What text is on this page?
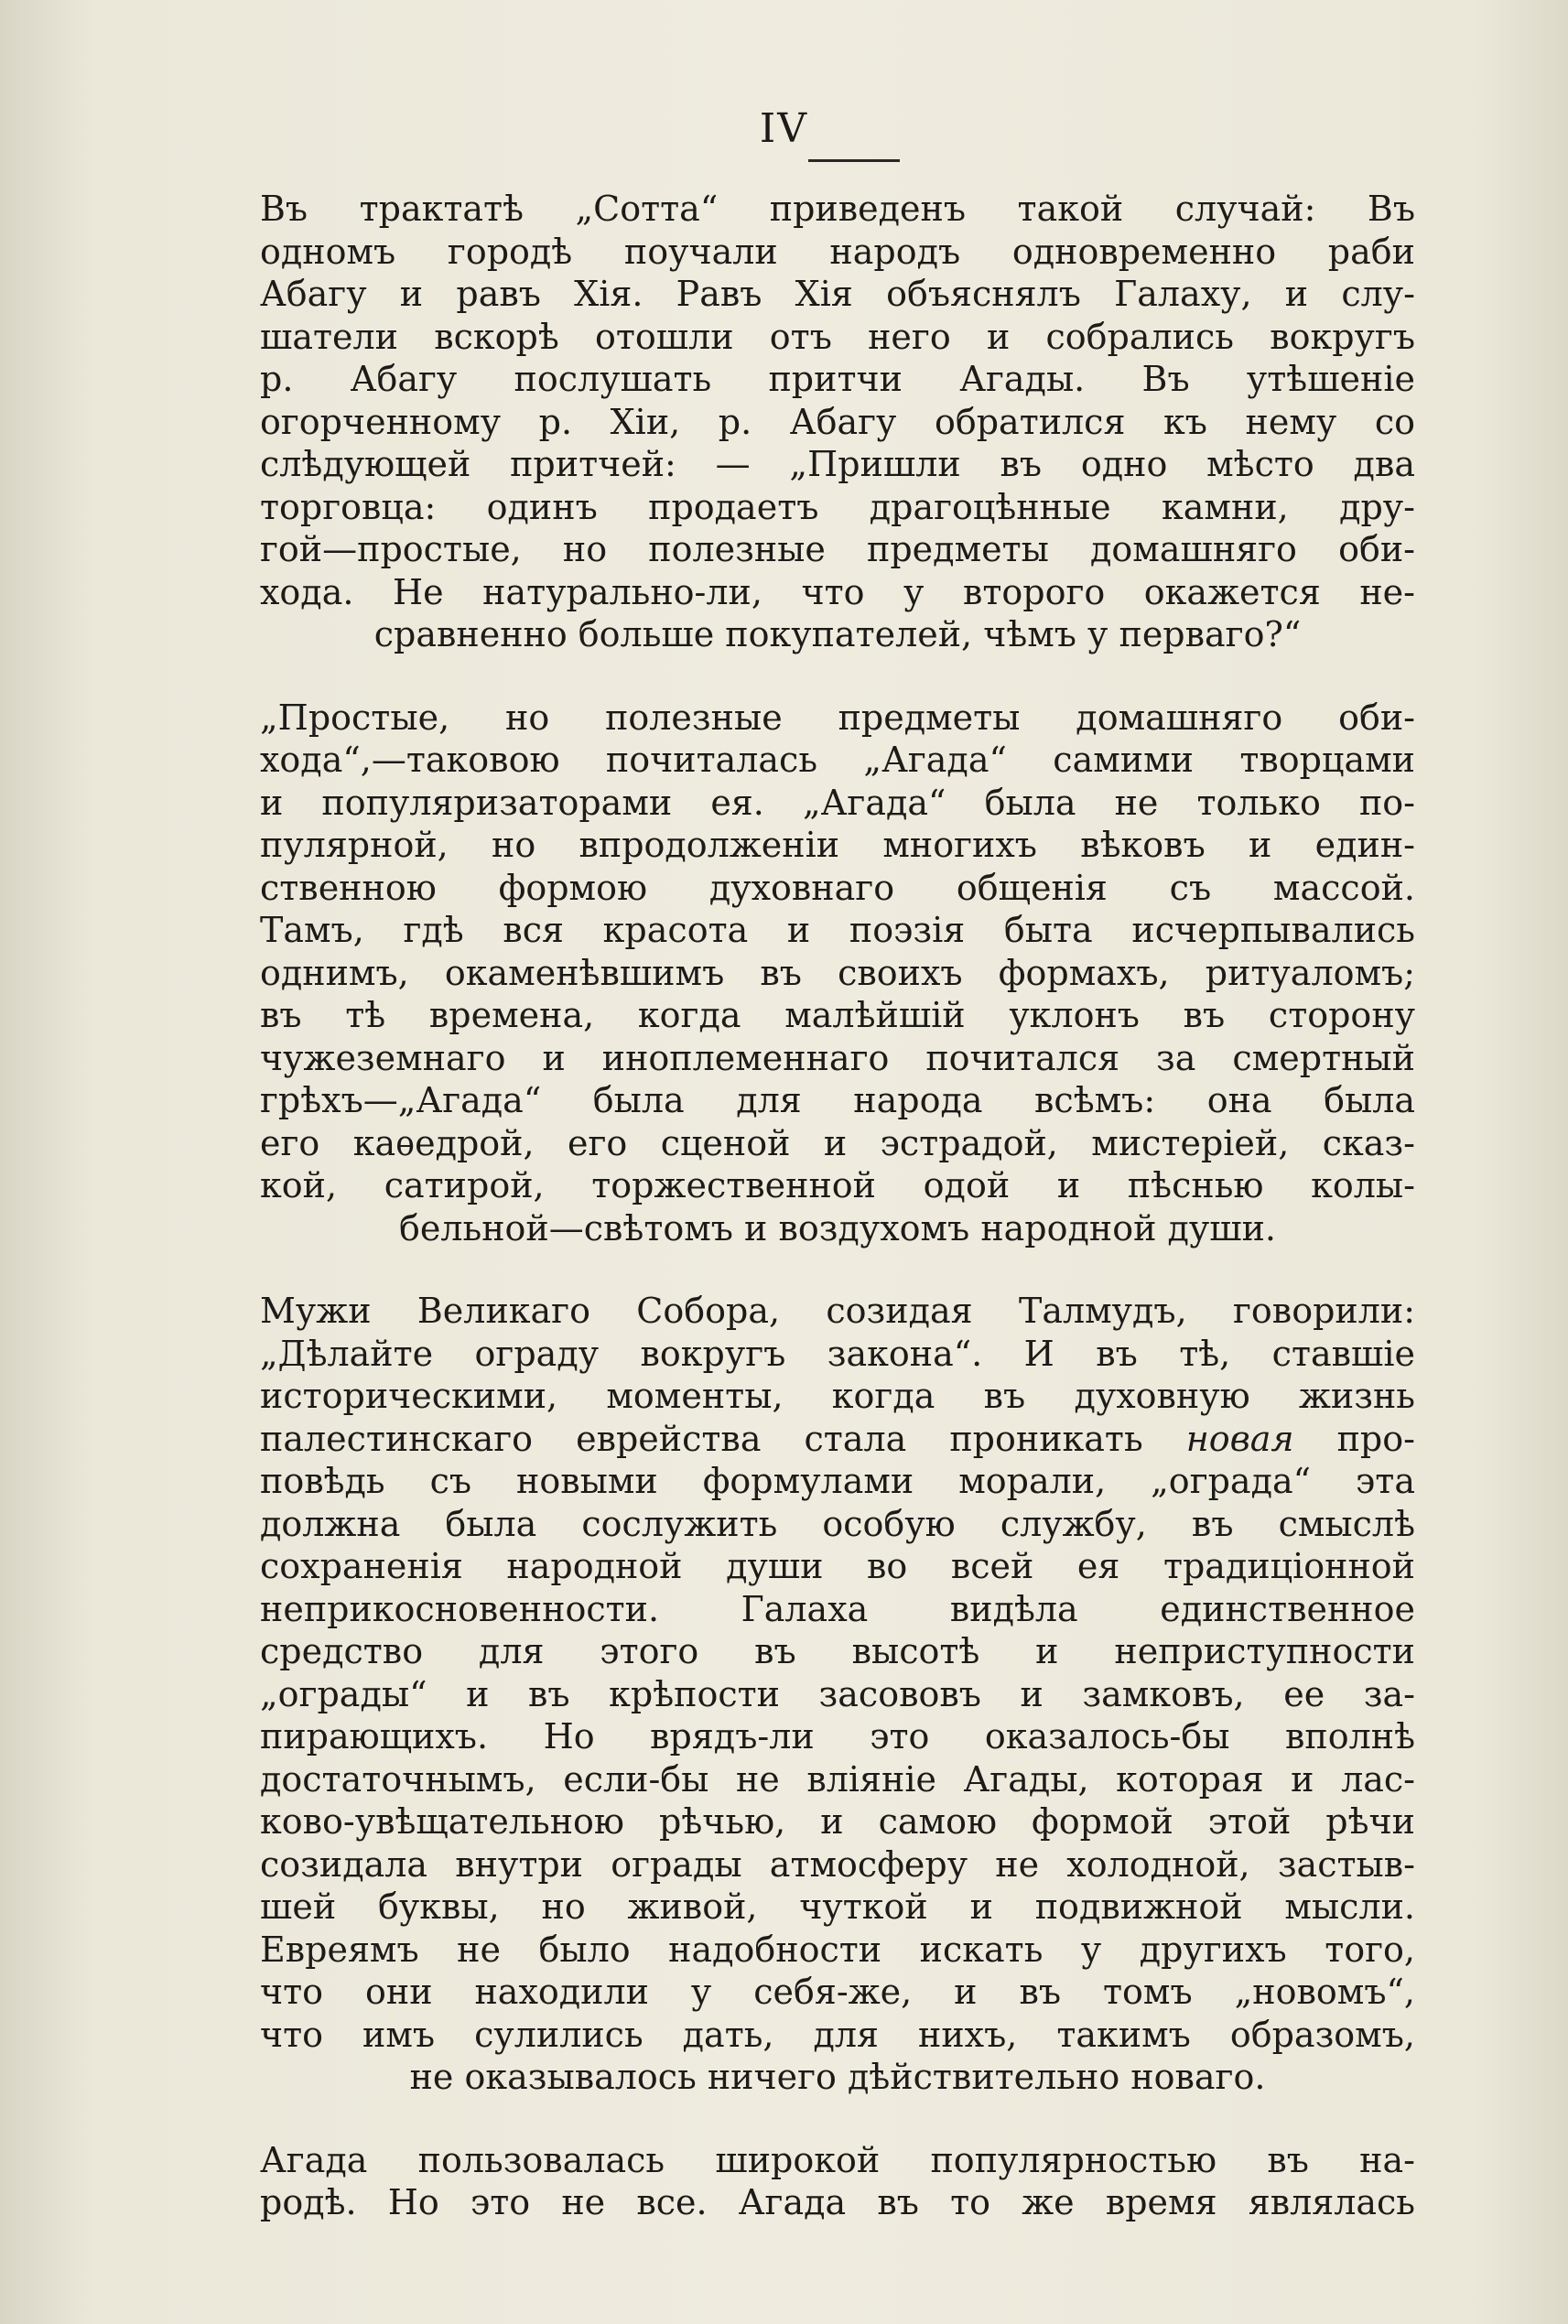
IV
Въ трактатѣ „Сотта“ приведенъ такой случай: Въ
одномъ городѣ поучали народъ одновременно раби
Абагу и равъ Хія. Равъ Хія объяснялъ Галаху, и слу-
шатели вскорѣ отошли отъ него и собрались вокругъ
р. Абагу послушать притчи Агады. Въ утѣшеніе
огорченному р. Хіи, р. Абагу обратился къ нему со
слѣдующей притчей: — „Пришли въ одно мѣсто два
торговца: одинъ продаетъ драгоцѣнные камни, дру-
гой—простые, но полезные предметы домашняго оби-
хода. Не натурально-ли, что у второго окажется не-
сравненно больше покупателей, чѣмъ у перваго?“
„Простые, но полезные предметы домашняго оби-
хода“,—таковою почиталась „Агада“ самими творцами
и популяризаторами ея. „Агада“ была не только по-
пулярной, но впродолженіи многихъ вѣковъ и един-
ственною формою духовнаго общенія съ массой.
Тамъ, гдѣ вся красота и поэзія быта исчерпывались
однимъ, окаменѣвшимъ въ своихъ формахъ, ритуаломъ;
въ тѣ времена, когда малѣйшій уклонъ въ сторону
чужеземнаго и иноплеменнаго почитался за смертный
грѣхъ—„Агада“ была для народа всѣмъ: она была
его каѳедрой, его сценой и эстрадой, мистеріей, сказ-
кой, сатирой, торжественной одой и пѣснью колы-
бельной—свѣтомъ и воздухомъ народной души.
Мужи Великаго Собора, созидая Талмудъ, говорили:
„Дѣлайте ограду вокругъ закона“. И въ тѣ, ставшіе
историческими, моменты, когда въ духовную жизнь
палестинскаго еврейства стала проникать новая про-
повѣдь съ новыми формулами морали, „ограда“ эта
должна была сослужить особую службу, въ смыслѣ
сохраненія народной души во всей ея традиціонной
неприкосновенности. Галаха видѣла единственное
средство для этого въ высотѣ и неприступности
„ограды“ и въ крѣпости засововъ и замковъ, ее за-
пирающихъ. Но врядъ-ли это оказалось-бы вполнѣ
достаточнымъ, если-бы не вліяніе Агады, которая и лас-
ково-увѣщательною рѣчью, и самою формой этой рѣчи
созидала внутри ограды атмосферу не холодной, застыв-
шей буквы, но живой, чуткой и подвижной мысли.
Евреямъ не было надобности искать у другихъ того,
что они находили у себя-же, и въ томъ „новомъ“,
что имъ сулились дать, для нихъ, такимъ образомъ,
не оказывалось ничего дѣйствительно новаго.
Агада пользовалась широкой популярностью въ на-
родѣ. Но это не все. Агада въ то же время являлась
